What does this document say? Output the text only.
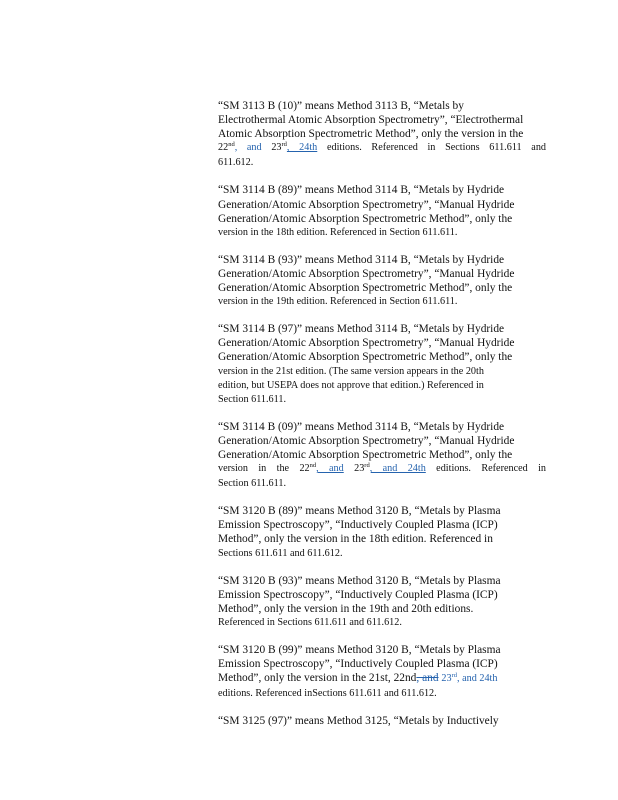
“SM 3113 B (10)” means Method 3113 B, “Metals by
Electrothermal Atomic Absorption Spectrometry”, “Electrothermal
Atomic Absorption Spectrometric Method”, only the version in the
22nd, and 23rd, 24th editions. Referenced in Sections 611.611 and
611.612.
“SM 3114 B (89)” means Method 3114 B, “Metals by Hydride
Generation/Atomic Absorption Spectrometry”, “Manual Hydride
Generation/Atomic Absorption Spectrometric Method”, only the
version in the 18th edition. Referenced in Section 611.611.
“SM 3114 B (93)” means Method 3114 B, “Metals by Hydride
Generation/Atomic Absorption Spectrometry”, “Manual Hydride
Generation/Atomic Absorption Spectrometric Method”, only the
version in the 19th edition. Referenced in Section 611.611.
“SM 3114 B (97)” means Method 3114 B, “Metals by Hydride
Generation/Atomic Absorption Spectrometry”, “Manual Hydride
Generation/Atomic Absorption Spectrometric Method”, only the
version in the 21st edition. (The same version appears in the 20th
edition, but USEPA does not approve that edition.) Referenced in
Section 611.611.
“SM 3114 B (09)” means Method 3114 B, “Metals by Hydride
Generation/Atomic Absorption Spectrometry”, “Manual Hydride
Generation/Atomic Absorption Spectrometric Method”, only the
version in the 22nd, and 23rd, and 24th editions. Referenced in
Section 611.611.
“SM 3120 B (89)” means Method 3120 B, “Metals by Plasma
Emission Spectroscopy”, “Inductively Coupled Plasma (ICP)
Method”, only the version in the 18th edition. Referenced in
Sections 611.611 and 611.612.
“SM 3120 B (93)” means Method 3120 B, “Metals by Plasma
Emission Spectroscopy”, “Inductively Coupled Plasma (ICP)
Method”, only the version in the 19th and 20th editions.
Referenced in Sections 611.611 and 611.612.
“SM 3120 B (99)” means Method 3120 B, “Metals by Plasma
Emission Spectroscopy”, “Inductively Coupled Plasma (ICP)
Method”, only the version in the 21st, 22nd, and 23rd, and 24th
editions. Referenced inSections 611.611 and 611.612.
“SM 3125 (97)” means Method 3125, “Metals by Inductively
